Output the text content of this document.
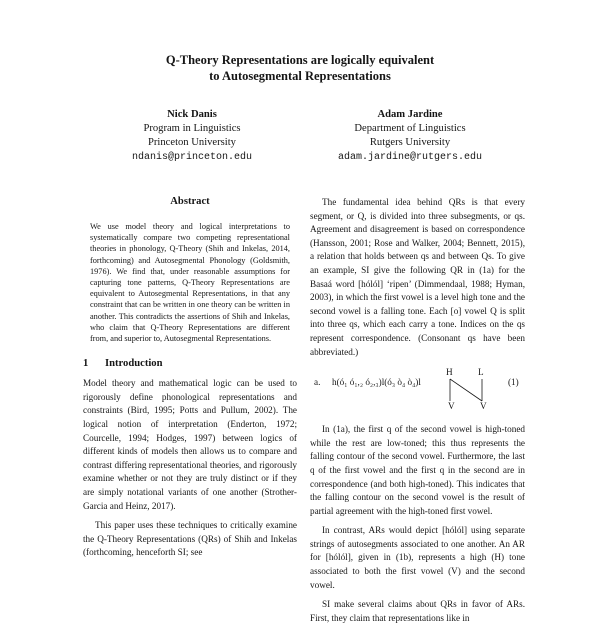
Q-Theory Representations are logically equivalent
to Autosegmental Representations
Nick Danis
Program in Linguistics
Princeton University
ndanis@princeton.edu
Adam Jardine
Department of Linguistics
Rutgers University
adam.jardine@rutgers.edu
Abstract

We use model theory and logical interpretations to systematically compare two competing representational theories in phonology, Q-Theory (Shih and Inkelas, 2014, forthcoming) and Autosegmental Phonology (Goldsmith, 1976). We find that, under reasonable assumptions for capturing tone patterns, Q-Theory Representations are equivalent to Autosegmental Representations, in that any constraint that can be written in one theory can be written in another. This contradicts the assertions of Shih and Inkelas, who claim that Q-Theory Representations are different from, and superior to, Autosegmental Representations.

1 Introduction

Model theory and mathematical logic can be used to rigorously define phonological representations and constraints (Bird, 1995; Potts and Pullum, 2002). The logical notion of interpretation (Enderton, 1972; Courcelle, 1994; Hodges, 1997) between logics of different kinds of models then allows us to compare and contrast differing representational theories, and rigorously examine whether or not they are truly distinct or if they are simply notational variants of one another (Strother-Garcia and Heinz, 2017).

This paper uses these techniques to critically examine the Q-Theory Representations (QRs) of Shih and Inkelas (forthcoming, henceforth SI; see

The fundamental idea behind QRs is that every segment, or Q, is divided into three subsegments, or qs. Agreement and disagreement is based on correspondence (Hansson, 2001; Rose and Walker, 2004; Bennett, 2015), a relation that holds between qs and between Qs. To give an example, SI give the following QR in (1a) for the Basaá word [hólól] ‘ripen’ (Dimmendaal, 1988; Hyman, 2003), in which the first vowel is a level high tone and the second vowel is a falling tone. Each [o] vowel Q is split into three qs, which each carry a tone. Indices on the qs represent correspondence. (Consonant qs have been abbreviated.)

a. h(ó₁ ó₁,₂ ó₂,₃)l(ó₃ ò₄ ò₄)l
H	L
V	V
(1)

In (1a), the first q of the second vowel is high-toned while the rest are low-toned; this thus represents the falling contour of the second vowel. Furthermore, the last q of the first vowel and the first q in the second are in correspondence (and both high-toned). This indicates that the falling contour on the second vowel is the result of partial agreement with the high-toned first vowel.

In contrast, ARs would depict [hólól] using separate strings of autosegments associated to one another. An AR for [hólól], given in (1b), represents a high (H) tone associated to both the first vowel (V) and the second vowel.

SI make several claims about QRs in favor of ARs. First, they claim that representations like in
